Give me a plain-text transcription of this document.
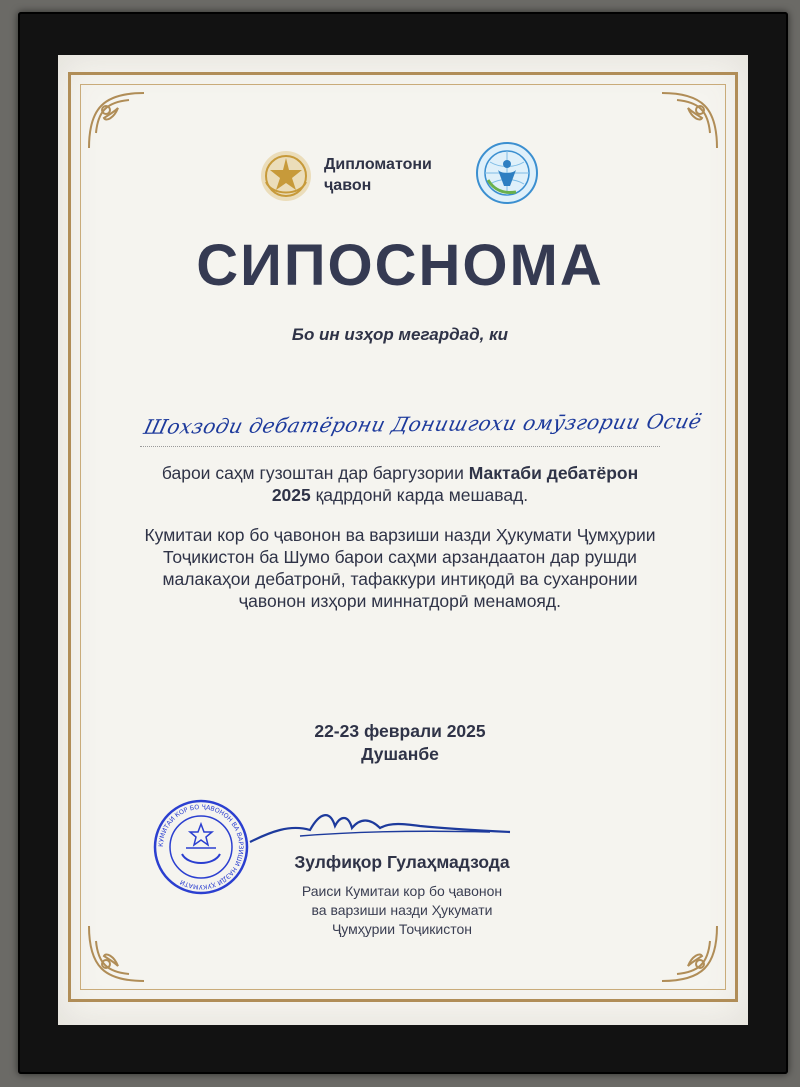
Дипломатони
ҷавон
СИПОСНОМА
Бо ин изҳор мегардад, ки
Шохзоди дебатёрони Донишгохи омӯзгории Осиё
барои саҳм гузоштан дар баргузории Мактаби дебатёрон 2025 қадрдонӣ карда мешавад.
Кумитаи кор бо ҷавонон ва варзиши назди Ҳукумати Ҷумҳурии Тоҷикистон ба Шумо барои саҳми арзандаатон дар рушди малакаҳои дебатронӣ, тафаккури интиқодӣ ва суханронии ҷавонон изҳори миннатдорӣ менамояд.
22-23 феврали 2025
Душанбе
КУМИТАИ КОР БО ҶАВОНОН ВА ВАРЗИШИ НАЗДИ ҲУКУМАТИ
Зулфиқор Гулаҳмадзода
Раиси Кумитаи кор бо ҷавонон
ва варзиши назди Ҳукумати
Ҷумҳурии Тоҷикистон
